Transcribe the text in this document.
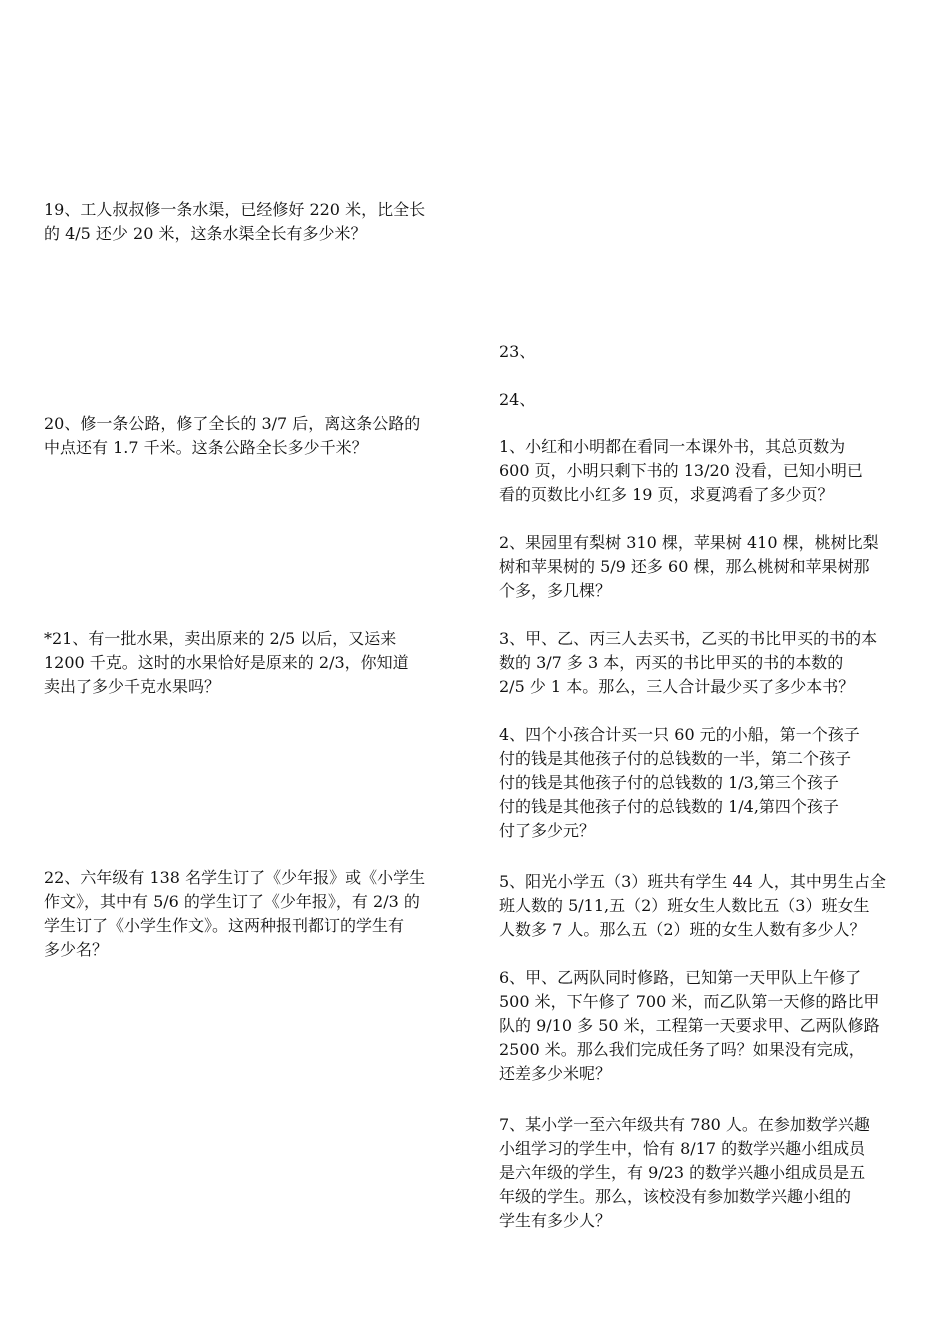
19、工人叔叔修一条水渠，已经修好 220 米，比全长
的 4/5 还少 20 米，这条水渠全长有多少米？
20、修一条公路，修了全长的 3/7 后，离这条公路的
中点还有 1.7 千米。这条公路全长多少千米？
*21、有一批水果，卖出原来的 2/5 以后，又运来
1200 千克。这时的水果恰好是原来的 2/3，你知道
卖出了多少千克水果吗？
22、六年级有 138 名学生订了《少年报》或《小学生
作文》，其中有 5/6 的学生订了《少年报》，有 2/3 的
学生订了《小学生作文》。这两种报刊都订的学生有
多少名？
23、
24、
1、小红和小明都在看同一本课外书，其总页数为
600 页，小明只剩下书的 13/20 没看，已知小明已
看的页数比小红多 19 页，求夏鸿看了多少页？
2、果园里有梨树 310 棵，苹果树 410 棵，桃树比梨
树和苹果树的 5/9 还多 60 棵，那么桃树和苹果树那
个多，多几棵？
3、甲、乙、丙三人去买书，乙买的书比甲买的书的本
数的 3/7 多 3 本，丙买的书比甲买的书的本数的
2/5 少 1 本。那么，三人合计最少买了多少本书？
4、四个小孩合计买一只 60 元的小船，第一个孩子
付的钱是其他孩子付的总钱数的一半，第二个孩子
付的钱是其他孩子付的总钱数的 1/3,第三个孩子
付的钱是其他孩子付的总钱数的 1/4,第四个孩子
付了多少元？
5、阳光小学五（3）班共有学生 44 人，其中男生占全
班人数的 5/11,五（2）班女生人数比五（3）班女生
人数多 7 人。那么五（2）班的女生人数有多少人？
6、甲、乙两队同时修路，已知第一天甲队上午修了
500 米，下午修了 700 米，而乙队第一天修的路比甲
队的 9/10 多 50 米，工程第一天要求甲、乙两队修路
2500 米。那么我们完成任务了吗？如果没有完成，
还差多少米呢？
7、某小学一至六年级共有 780 人。在参加数学兴趣
小组学习的学生中，恰有 8/17 的数学兴趣小组成员
是六年级的学生，有 9/23 的数学兴趣小组成员是五
年级的学生。那么，该校没有参加数学兴趣小组的
学生有多少人？
